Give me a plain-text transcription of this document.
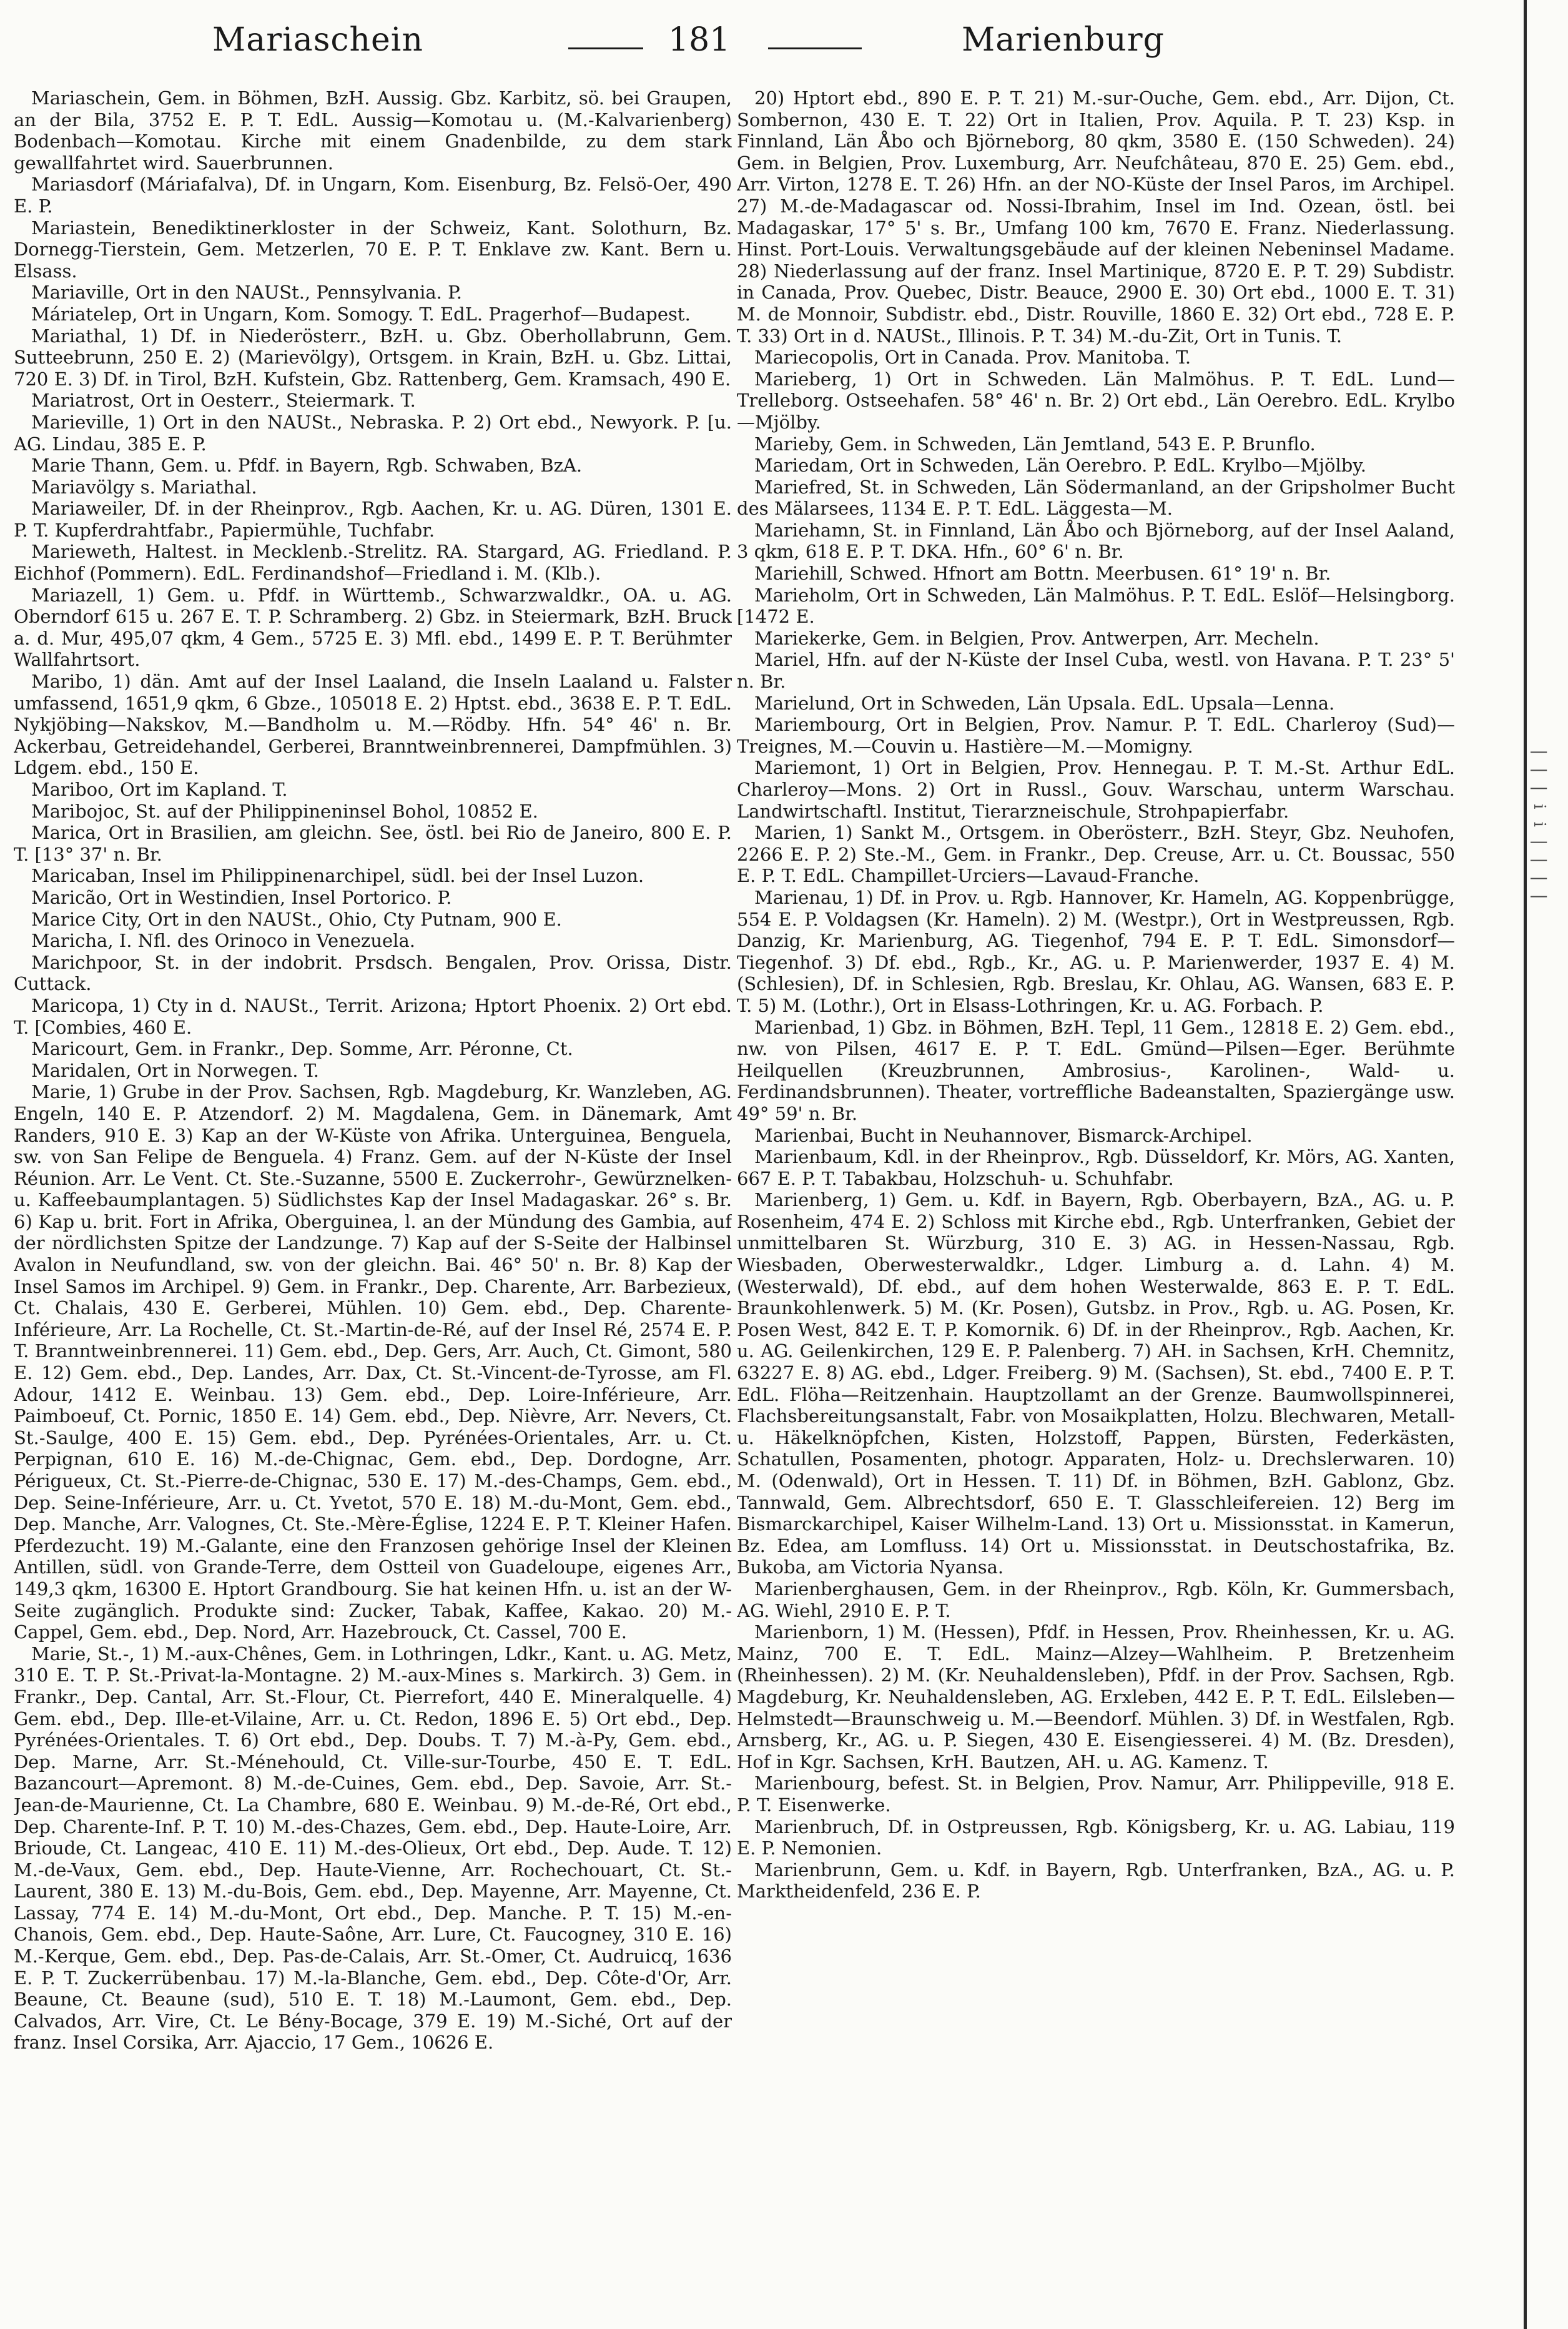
Mariaschein	181	Marienburg

Mariaschein, Gem. in Böhmen, BzH. Aussig. Gbz. Karbitz, sö. bei Graupen, an der Bila, 3752 E. P. T. EdL. Aussig—Komotau u. (M.-Kalvarienberg) Bodenbach—Komotau. Kirche mit einem Gnadenbilde, zu dem stark gewallfahrtet wird. Sauerbrunnen.

Mariasdorf (Máriafalva), Df. in Ungarn, Kom. Eisenburg, Bz. Felsö-Oer, 490 E. P.

Mariastein, Benediktinerkloster in der Schweiz, Kant. Solothurn, Bz. Dornegg-Tierstein, Gem. Metzerlen, 70 E. P. T. Enklave zw. Kant. Bern u. Elsass.

Mariaville, Ort in den NAUSt., Pennsylvania. P.

Máriatelep, Ort in Ungarn, Kom. Somogy. T. EdL. Pragerhof—Budapest.

Mariathal, 1) Df. in Niederösterr., BzH. u. Gbz. Oberhollabrunn, Gem. Sutteebrunn, 250 E. 2) (Marievölgy), Ortsgem. in Krain, BzH. u. Gbz. Littai, 720 E. 3) Df. in Tirol, BzH. Kufstein, Gbz. Rattenberg, Gem. Kramsach, 490 E.

Mariatrost, Ort in Oesterr., Steiermark. T.

Marieville, 1) Ort in den NAUSt., Nebraska. P. 2) Ort ebd., Newyork. P. [u. AG. Lindau, 385 E. P.

Marie Thann, Gem. u. Pfdf. in Bayern, Rgb. Schwaben, BzA.

Mariavölgy s. Mariathal.

Mariaweiler, Df. in der Rheinprov., Rgb. Aachen, Kr. u. AG. Düren, 1301 E. P. T. Kupferdrahtfabr., Papiermühle, Tuchfabr.

Marieweth, Haltest. in Mecklenb.-Strelitz. RA. Stargard, AG. Friedland. P. Eichhof (Pommern). EdL. Ferdinandshof—Friedland i. M. (Klb.).

Mariazell, 1) Gem. u. Pfdf. in Württemb., Schwarzwaldkr., OA. u. AG. Oberndorf 615 u. 267 E. T. P. Schramberg. 2) Gbz. in Steiermark, BzH. Bruck a. d. Mur, 495,07 qkm, 4 Gem., 5725 E. 3) Mfl. ebd., 1499 E. P. T. Berühmter Wallfahrtsort.

Maribo, 1) dän. Amt auf der Insel Laaland, die Inseln Laaland u. Falster umfassend, 1651,9 qkm, 6 Gbze., 105018 E. 2) Hptst. ebd., 3638 E. P. T. EdL. Nykjöbing—Nakskov, M.—Bandholm u. M.—Rödby. Hfn. 54° 46' n. Br. Ackerbau, Getreidehandel, Gerberei, Branntweinbrennerei, Dampfmühlen. 3) Ldgem. ebd., 150 E.

Mariboo, Ort im Kapland. T.

Maribojoc, St. auf der Philippineninsel Bohol, 10852 E.

Marica, Ort in Brasilien, am gleichn. See, östl. bei Rio de Janeiro, 800 E. P. T. [13° 37' n. Br.

Maricaban, Insel im Philippinenarchipel, südl. bei der Insel Luzon.

Maricão, Ort in Westindien, Insel Portorico. P.

Marice City, Ort in den NAUSt., Ohio, Cty Putnam, 900 E.

Maricha, I. Nfl. des Orinoco in Venezuela.

Marichpoor, St. in der indobrit. Prsdsch. Bengalen, Prov. Orissa, Distr. Cuttack.

Maricopa, 1) Cty in d. NAUSt., Territ. Arizona; Hptort Phoenix. 2) Ort ebd. T. [Combies, 460 E.

Maricourt, Gem. in Frankr., Dep. Somme, Arr. Péronne, Ct.

Maridalen, Ort in Norwegen. T.

Marie, 1) Grube in der Prov. Sachsen, Rgb. Magdeburg, Kr. Wanzleben, AG. Engeln, 140 E. P. Atzendorf. 2) M. Magdalena, Gem. in Dänemark, Amt Randers, 910 E. 3) Kap an der W-Küste von Afrika. Unterguinea, Benguela, sw. von San Felipe de Benguela. 4) Franz. Gem. auf der N-Küste der Insel Réunion. Arr. Le Vent. Ct. Ste.-Suzanne, 5500 E. Zuckerrohr-, Gewürznelken- u. Kaffeebaumplantagen. 5) Südlichstes Kap der Insel Madagaskar. 26° s. Br. 6) Kap u. brit. Fort in Afrika, Oberguinea, l. an der Mündung des Gambia, auf der nördlichsten Spitze der Landzunge. 7) Kap auf der S-Seite der Halbinsel Avalon in Neufundland, sw. von der gleichn. Bai. 46° 50' n. Br. 8) Kap der Insel Samos im Archipel. 9) Gem. in Frankr., Dep. Charente, Arr. Barbezieux, Ct. Chalais, 430 E. Gerberei, Mühlen. 10) Gem. ebd., Dep. Charente-Inférieure, Arr. La Rochelle, Ct. St.-Martin-de-Ré, auf der Insel Ré, 2574 E. P. T. Branntweinbrennerei. 11) Gem. ebd., Dep. Gers, Arr. Auch, Ct. Gimont, 580 E. 12) Gem. ebd., Dep. Landes, Arr. Dax, Ct. St.-Vincent-de-Tyrosse, am Fl. Adour, 1412 E. Weinbau. 13) Gem. ebd., Dep. Loire-Inférieure, Arr. Paimboeuf, Ct. Pornic, 1850 E. 14) Gem. ebd., Dep. Nièvre, Arr. Nevers, Ct. St.-Saulge, 400 E. 15) Gem. ebd., Dep. Pyrénées-Orientales, Arr. u. Ct. Perpignan, 610 E. 16) M.-de-Chignac, Gem. ebd., Dep. Dordogne, Arr. Périgueux, Ct. St.-Pierre-de-Chignac, 530 E. 17) M.-des-Champs, Gem. ebd., Dep. Seine-Inférieure, Arr. u. Ct. Yvetot, 570 E. 18) M.-du-Mont, Gem. ebd., Dep. Manche, Arr. Valognes, Ct. Ste.-Mère-Église, 1224 E. P. T. Kleiner Hafen. Pferdezucht. 19) M.-Galante, eine den Franzosen gehörige Insel der Kleinen Antillen, südl. von Grande-Terre, dem Ostteil von Guadeloupe, eigenes Arr., 149,3 qkm, 16300 E. Hptort Grandbourg. Sie hat keinen Hfn. u. ist an der W-Seite zugänglich. Produkte sind: Zucker, Tabak, Kaffee, Kakao. 20) M.-Cappel, Gem. ebd., Dep. Nord, Arr. Hazebrouck, Ct. Cassel, 700 E.

Marie, St.-, 1) M.-aux-Chênes, Gem. in Lothringen, Ldkr., Kant. u. AG. Metz, 310 E. T. P. St.-Privat-la-Montagne. 2) M.-aux-Mines s. Markirch. 3) Gem. in Frankr., Dep. Cantal, Arr. St.-Flour, Ct. Pierrefort, 440 E. Mineralquelle. 4) Gem. ebd., Dep. Ille-et-Vilaine, Arr. u. Ct. Redon, 1896 E. 5) Ort ebd., Dep. Pyrénées-Orientales. T. 6) Ort ebd., Dep. Doubs. T. 7) M.-à-Py, Gem. ebd., Dep. Marne, Arr. St.-Ménehould, Ct. Ville-sur-Tourbe, 450 E. T. EdL. Bazancourt—Apremont. 8) M.-de-Cuines, Gem. ebd., Dep. Savoie, Arr. St.-Jean-de-Maurienne, Ct. La Chambre, 680 E. Weinbau. 9) M.-de-Ré, Ort ebd., Dep. Charente-Inf. P. T. 10) M.-des-Chazes, Gem. ebd., Dep. Haute-Loire, Arr. Brioude, Ct. Langeac, 410 E. 11) M.-des-Olieux, Ort ebd., Dep. Aude. T. 12) M.-de-Vaux, Gem. ebd., Dep. Haute-Vienne, Arr. Rochechouart, Ct. St.-Laurent, 380 E. 13) M.-du-Bois, Gem. ebd., Dep. Mayenne, Arr. Mayenne, Ct. Lassay, 774 E. 14) M.-du-Mont, Ort ebd., Dep. Manche. P. T. 15) M.-en-Chanois, Gem. ebd., Dep. Haute-Saône, Arr. Lure, Ct. Faucogney, 310 E. 16) M.-Kerque, Gem. ebd., Dep. Pas-de-Calais, Arr. St.-Omer, Ct. Audruicq, 1636 E. P. T. Zuckerrübenbau. 17) M.-la-Blanche, Gem. ebd., Dep. Côte-d'Or, Arr. Beaune, Ct. Beaune (sud), 510 E. T. 18) M.-Laumont, Gem. ebd., Dep. Calvados, Arr. Vire, Ct. Le Bény-Bocage, 379 E. 19) M.-Siché, Ort auf der franz. Insel Corsika, Arr. Ajaccio, 17 Gem., 10626 E.

20) Hptort ebd., 890 E. P. T. 21) M.-sur-Ouche, Gem. ebd., Arr. Dijon, Ct. Sombernon, 430 E. T. 22) Ort in Italien, Prov. Aquila. P. T. 23) Ksp. in Finnland, Län Åbo och Björneborg, 80 qkm, 3580 E. (150 Schweden). 24) Gem. in Belgien, Prov. Luxemburg, Arr. Neufchâteau, 870 E. 25) Gem. ebd., Arr. Virton, 1278 E. T. 26) Hfn. an der NO-Küste der Insel Paros, im Archipel. 27) M.-de-Madagascar od. Nossi-Ibrahim, Insel im Ind. Ozean, östl. bei Madagaskar, 17° 5' s. Br., Umfang 100 km, 7670 E. Franz. Niederlassung. Hinst. Port-Louis. Verwaltungsgebäude auf der kleinen Nebeninsel Madame. 28) Niederlassung auf der franz. Insel Martinique, 8720 E. P. T. 29) Subdistr. in Canada, Prov. Quebec, Distr. Beauce, 2900 E. 30) Ort ebd., 1000 E. T. 31) M. de Monnoir, Subdistr. ebd., Distr. Rouville, 1860 E. 32) Ort ebd., 728 E. P. T. 33) Ort in d. NAUSt., Illinois. P. T. 34) M.-du-Zit, Ort in Tunis. T.

Mariecopolis, Ort in Canada. Prov. Manitoba. T.

Marieberg, 1) Ort in Schweden. Län Malmöhus. P. T. EdL. Lund—Trelleborg. Ostseehafen. 58° 46' n. Br. 2) Ort ebd., Län Oerebro. EdL. Krylbo—Mjölby.

Marieby, Gem. in Schweden, Län Jemtland, 543 E. P. Brunflo.

Mariedam, Ort in Schweden, Län Oerebro. P. EdL. Krylbo—Mjölby.

Mariefred, St. in Schweden, Län Södermanland, an der Gripsholmer Bucht des Mälarsees, 1134 E. P. T. EdL. Läggesta—M.

Mariehamn, St. in Finnland, Län Åbo och Björneborg, auf der Insel Aaland, 3 qkm, 618 E. P. T. DKA. Hfn., 60° 6' n. Br.

Mariehill, Schwed. Hfnort am Bottn. Meerbusen. 61° 19' n. Br.

Marieholm, Ort in Schweden, Län Malmöhus. P. T. EdL. Eslöf—Helsingborg. [1472 E.

Mariekerke, Gem. in Belgien, Prov. Antwerpen, Arr. Mecheln.

Mariel, Hfn. auf der N-Küste der Insel Cuba, westl. von Havana. P. T. 23° 5' n. Br.

Marielund, Ort in Schweden, Län Upsala. EdL. Upsala—Lenna.

Mariembourg, Ort in Belgien, Prov. Namur. P. T. EdL. Charleroy (Sud)—Treignes, M.—Couvin u. Hastière—M.—Momigny.

Mariemont, 1) Ort in Belgien, Prov. Hennegau. P. T. M.-St. Arthur EdL. Charleroy—Mons. 2) Ort in Russl., Gouv. Warschau, unterm Warschau. Landwirtschaftl. Institut, Tierarzneischule, Strohpapierfabr.

Marien, 1) Sankt M., Ortsgem. in Oberösterr., BzH. Steyr, Gbz. Neuhofen, 2266 E. P. 2) Ste.-M., Gem. in Frankr., Dep. Creuse, Arr. u. Ct. Boussac, 550 E. P. T. EdL. Champillet-Urciers—Lavaud-Franche.

Marienau, 1) Df. in Prov. u. Rgb. Hannover, Kr. Hameln, AG. Koppenbrügge, 554 E. P. Voldagsen (Kr. Hameln). 2) M. (Westpr.), Ort in Westpreussen, Rgb. Danzig, Kr. Marienburg, AG. Tiegenhof, 794 E. P. T. EdL. Simonsdorf—Tiegenhof. 3) Df. ebd., Rgb., Kr., AG. u. P. Marienwerder, 1937 E. 4) M. (Schlesien), Df. in Schlesien, Rgb. Breslau, Kr. Ohlau, AG. Wansen, 683 E. P. T. 5) M. (Lothr.), Ort in Elsass-Lothringen, Kr. u. AG. Forbach. P.

Marienbad, 1) Gbz. in Böhmen, BzH. Tepl, 11 Gem., 12818 E. 2) Gem. ebd., nw. von Pilsen, 4617 E. P. T. EdL. Gmünd—Pilsen—Eger. Berühmte Heilquellen (Kreuzbrunnen, Ambrosius-, Karolinen-, Wald- u. Ferdinandsbrunnen). Theater, vortreffliche Badeanstalten, Spaziergänge usw. 49° 59' n. Br.

Marienbai, Bucht in Neuhannover, Bismarck-Archipel.

Marienbaum, Kdl. in der Rheinprov., Rgb. Düsseldorf, Kr. Mörs, AG. Xanten, 667 E. P. T. Tabakbau, Holzschuh- u. Schuhfabr.

Marienberg, 1) Gem. u. Kdf. in Bayern, Rgb. Oberbayern, BzA., AG. u. P. Rosenheim, 474 E. 2) Schloss mit Kirche ebd., Rgb. Unterfranken, Gebiet der unmittelbaren St. Würzburg, 310 E. 3) AG. in Hessen-Nassau, Rgb. Wiesbaden, Oberwesterwaldkr., Ldger. Limburg a. d. Lahn. 4) M. (Westerwald), Df. ebd., auf dem hohen Westerwalde, 863 E. P. T. EdL. Braunkohlenwerk. 5) M. (Kr. Posen), Gutsbz. in Prov., Rgb. u. AG. Posen, Kr. Posen West, 842 E. T. P. Komornik. 6) Df. in der Rheinprov., Rgb. Aachen, Kr. u. AG. Geilenkirchen, 129 E. P. Palenberg. 7) AH. in Sachsen, KrH. Chemnitz, 63227 E. 8) AG. ebd., Ldger. Freiberg. 9) M. (Sachsen), St. ebd., 7400 E. P. T. EdL. Flöha—Reitzenhain. Hauptzollamt an der Grenze. Baumwollspinnerei, Flachsbereitungsanstalt, Fabr. von Mosaikplatten, Holzu. Blechwaren, Metall- u. Häkelknöpfchen, Kisten, Holzstoff, Pappen, Bürsten, Federkästen, Schatullen, Posamenten, photogr. Apparaten, Holz- u. Drechslerwaren. 10) M. (Odenwald), Ort in Hessen. T. 11) Df. in Böhmen, BzH. Gablonz, Gbz. Tannwald, Gem. Albrechtsdorf, 650 E. T. Glasschleifereien. 12) Berg im Bismarckarchipel, Kaiser Wilhelm-Land. 13) Ort u. Missionsstat. in Kamerun, Bz. Edea, am Lomfluss. 14) Ort u. Missionsstat. in Deutschostafrika, Bz. Bukoba, am Victoria Nyansa.

Marienberghausen, Gem. in der Rheinprov., Rgb. Köln, Kr. Gummersbach, AG. Wiehl, 2910 E. P. T.

Marienborn, 1) M. (Hessen), Pfdf. in Hessen, Prov. Rheinhessen, Kr. u. AG. Mainz, 700 E. T. EdL. Mainz—Alzey—Wahlheim. P. Bretzenheim (Rheinhessen). 2) M. (Kr. Neuhaldensleben), Pfdf. in der Prov. Sachsen, Rgb. Magdeburg, Kr. Neuhaldensleben, AG. Erxleben, 442 E. P. T. EdL. Eilsleben—Helmstedt—Braunschweig u. M.—Beendorf. Mühlen. 3) Df. in Westfalen, Rgb. Arnsberg, Kr., AG. u. P. Siegen, 430 E. Eisengiesserei. 4) M. (Bz. Dresden), Hof in Kgr. Sachsen, KrH. Bautzen, AH. u. AG. Kamenz. T.

Marienbourg, befest. St. in Belgien, Prov. Namur, Arr. Philippeville, 918 E. P. T. Eisenwerke.

Marienbruch, Df. in Ostpreussen, Rgb. Königsberg, Kr. u. AG. Labiau, 119 E. P. Nemonien.

Marienbrunn, Gem. u. Kdf. in Bayern, Rgb. Unterfranken, BzA., AG. u. P. Marktheidenfeld, 236 E. P.

| | | i i | | | |
